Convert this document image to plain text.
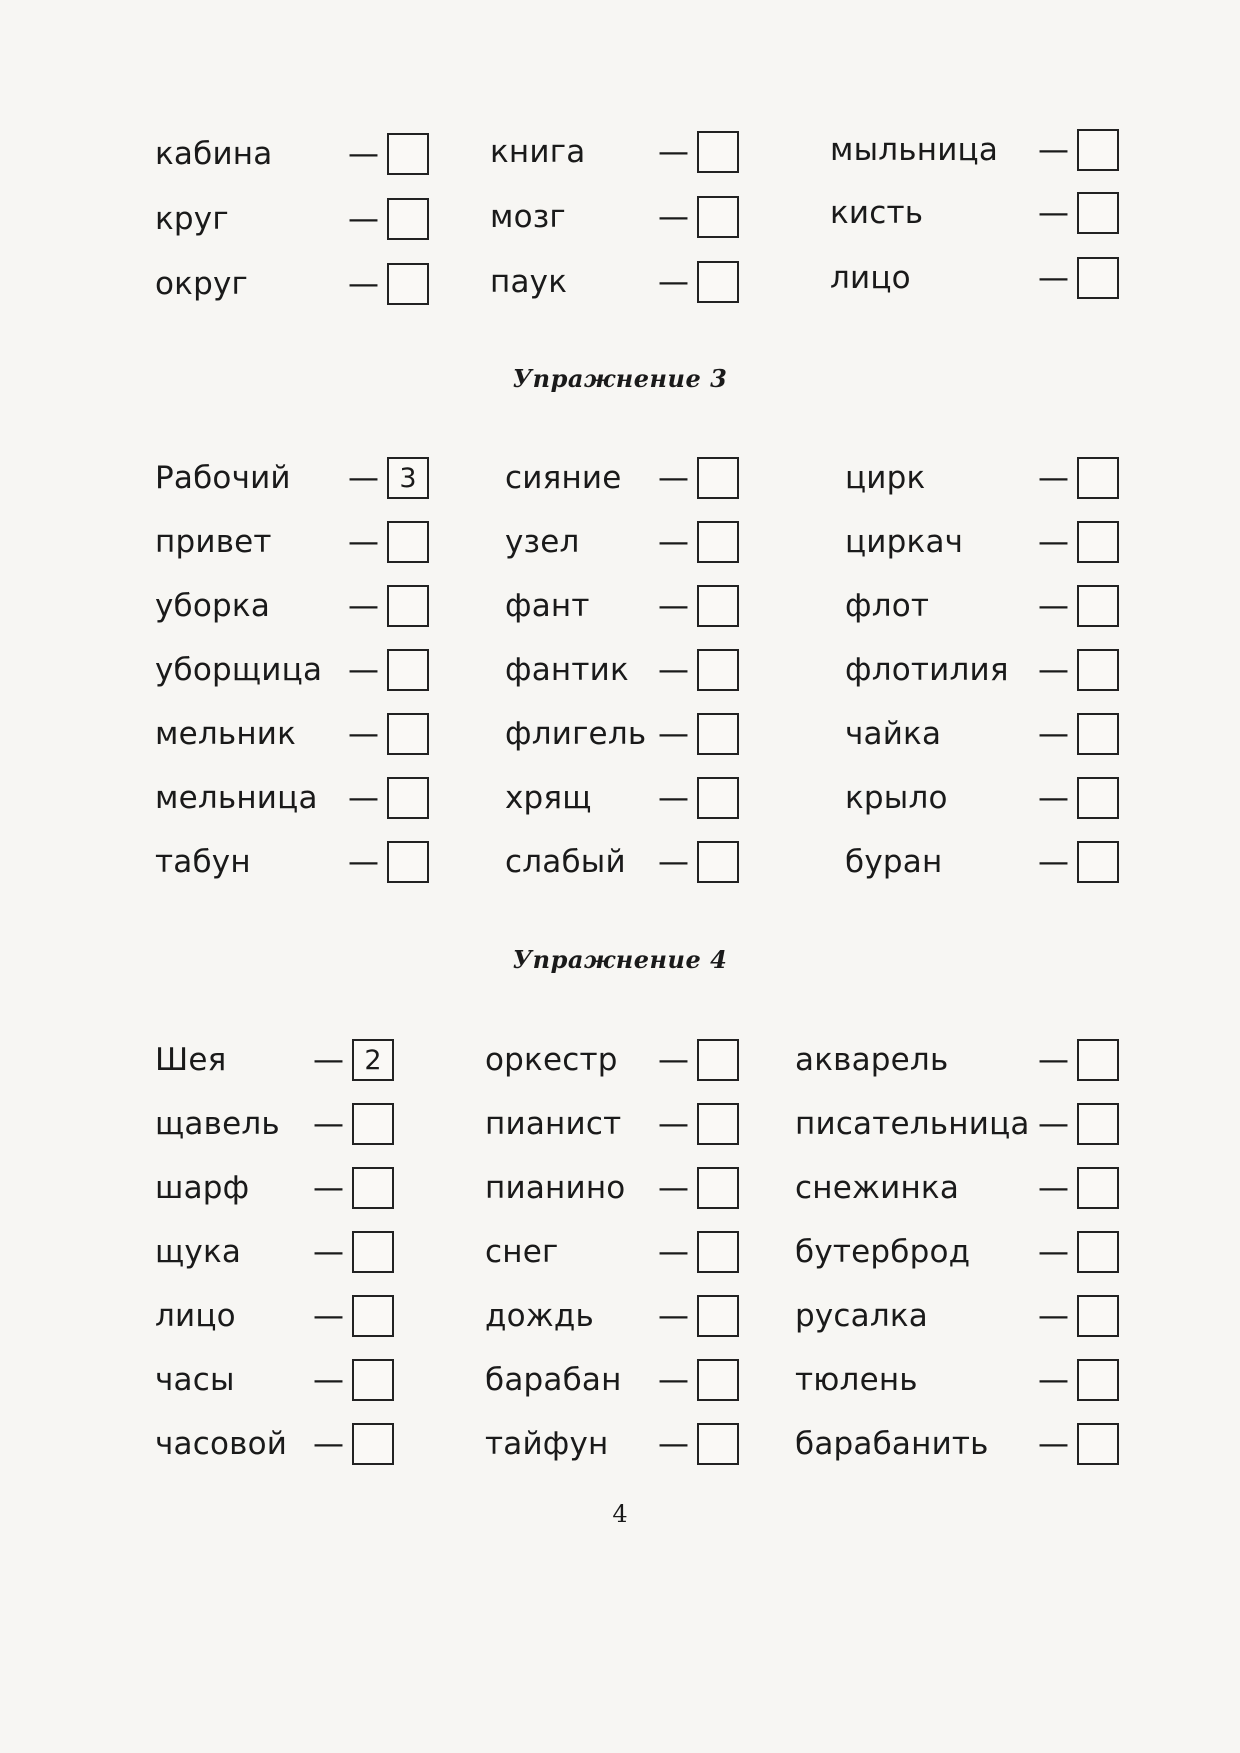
кабина	—	книга	—	мыльница	—
круг	—	мозг	—	кисть	—
округ	—	паук	—	лицо	—
Упражнение 3
Рабочий	— 3	сияние	—	цирк	—
привет	—	узел	—	циркач	—
уборка	—	фант	—	флот	—
уборщица —	фантик —	флотилия —
мельник	—	флигель —	чайка	—
мельница —	хрящ	—	крыло	—
табун	—	слабый	—	буран	—
Упражнение 4
Шея	— 2	оркестр	—	акварель	—
щавель	—	пианист	—	писательница —
шарф	—	пианино	—	снежинка	—
щука	—	снег	—	бутерброд	—
лицо	—	дождь	—	русалка	—
часы	—	барабан	—	тюлень	—
часовой —	тайфун	—	барабанить	—
4
